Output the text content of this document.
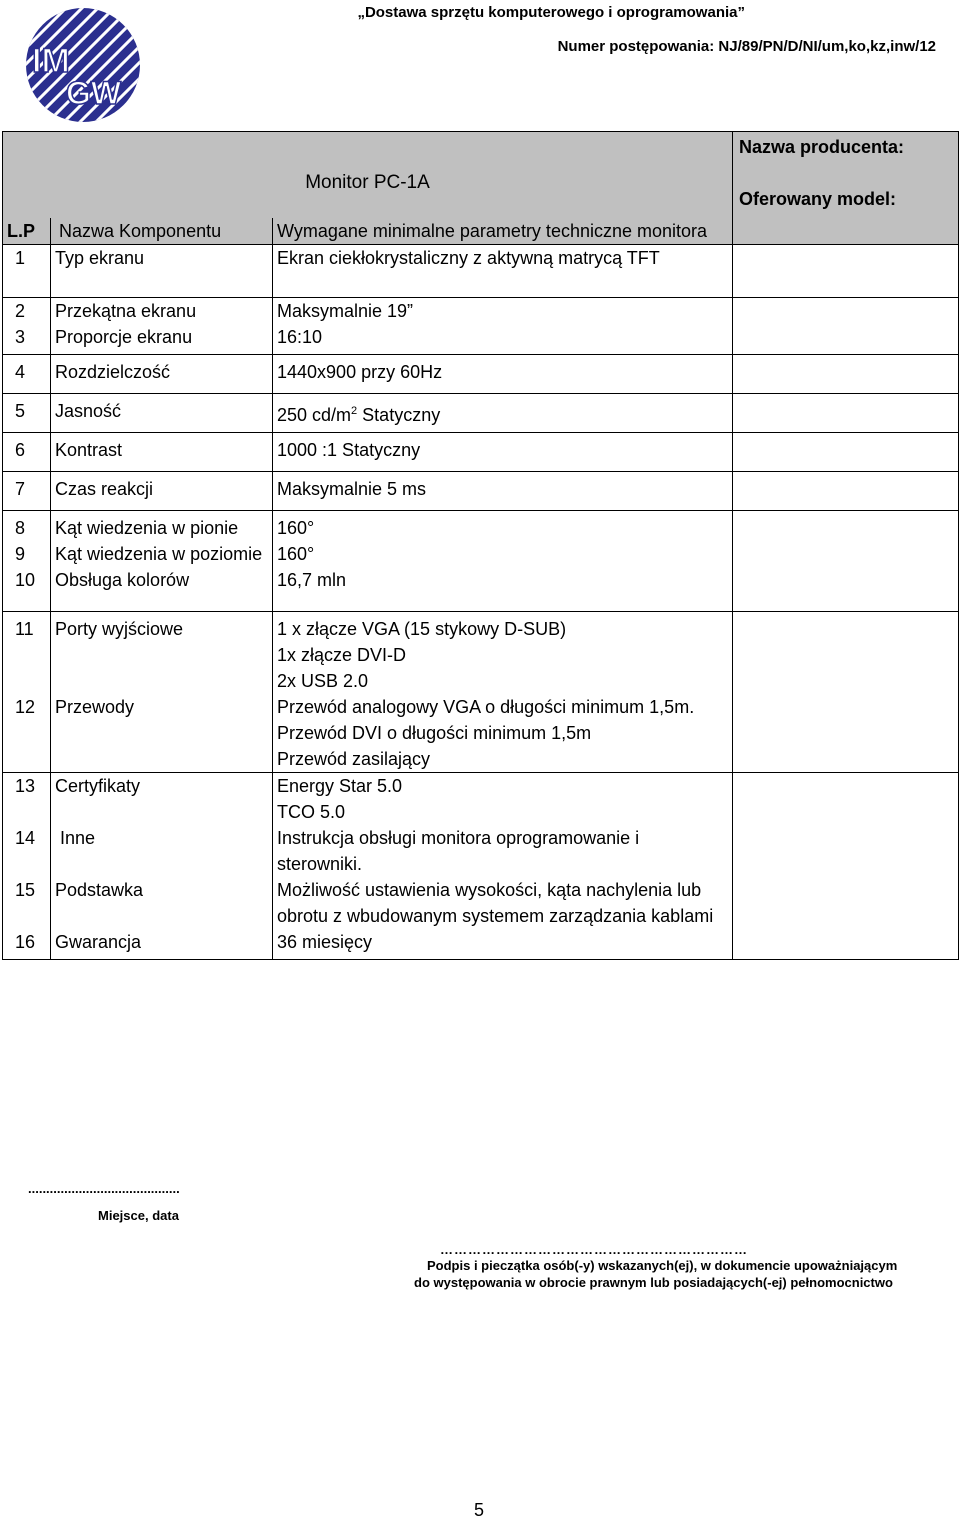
IM
GW
„Dostawa sprzętu komputerowego i oprogramowania”
Numer postępowania: NJ/89/PN/D/NI/um,ko,kz,inw/12
Monitor PC-1A			Nazwa producenta:
Oferowany model:

L.P	Nazwa Komponentu	Wymagane minimalne parametry techniczne monitora	
1	Typ ekranu	Ekran ciekłokrystaliczny z aktywną matrycą TFT	
2	Przekątna ekranu	Maksymalnie 19”	
3	Proporcje ekranu	16:10	
4	Rozdzielczość	1440x900 przy 60Hz	
5	Jasność	250 $cd/m^2$ Statyczny	
6	Kontrast	1000 :1 Statyczny	
7	Czas reakcji	Maksymalnie 5 ms	
8	Kąt wiedzenia w pionie	160°	
9	Kąt wiedzenia w poziomie	160°	
10	Obsługa kolorów	16,7 mln	
11	Porty wyjściowe	1 x złącze VGA (15 stykowy D-SUB)
1x złącze DVI-D
2x USB 2.0	
12	Przewody	Przewód analogowy VGA o długości minimum 1,5m.
Przewód DVI o długości minimum 1,5m
Przewód zasilający	
13	Certyfikaty	Energy Star 5.0
TCO 5.0	
14	Inne	Instrukcja obsługi monitora oprogramowanie i sterowniki.	
15	Podstawka	Możliwość ustawienia wysokości, kąta nachylenia lub obrotu z wbudowanym systemem zarządzania kablami	
16	Gwarancja	36 miesięcy	
..........................................
Miejsce, data
…………………………………………………………
Podpis i pieczątka osób(-y) wskazanych(ej), w dokumencie upoważniającym
do występowania w obrocie prawnym lub posiadających(-ej) pełnomocnictwo
5
